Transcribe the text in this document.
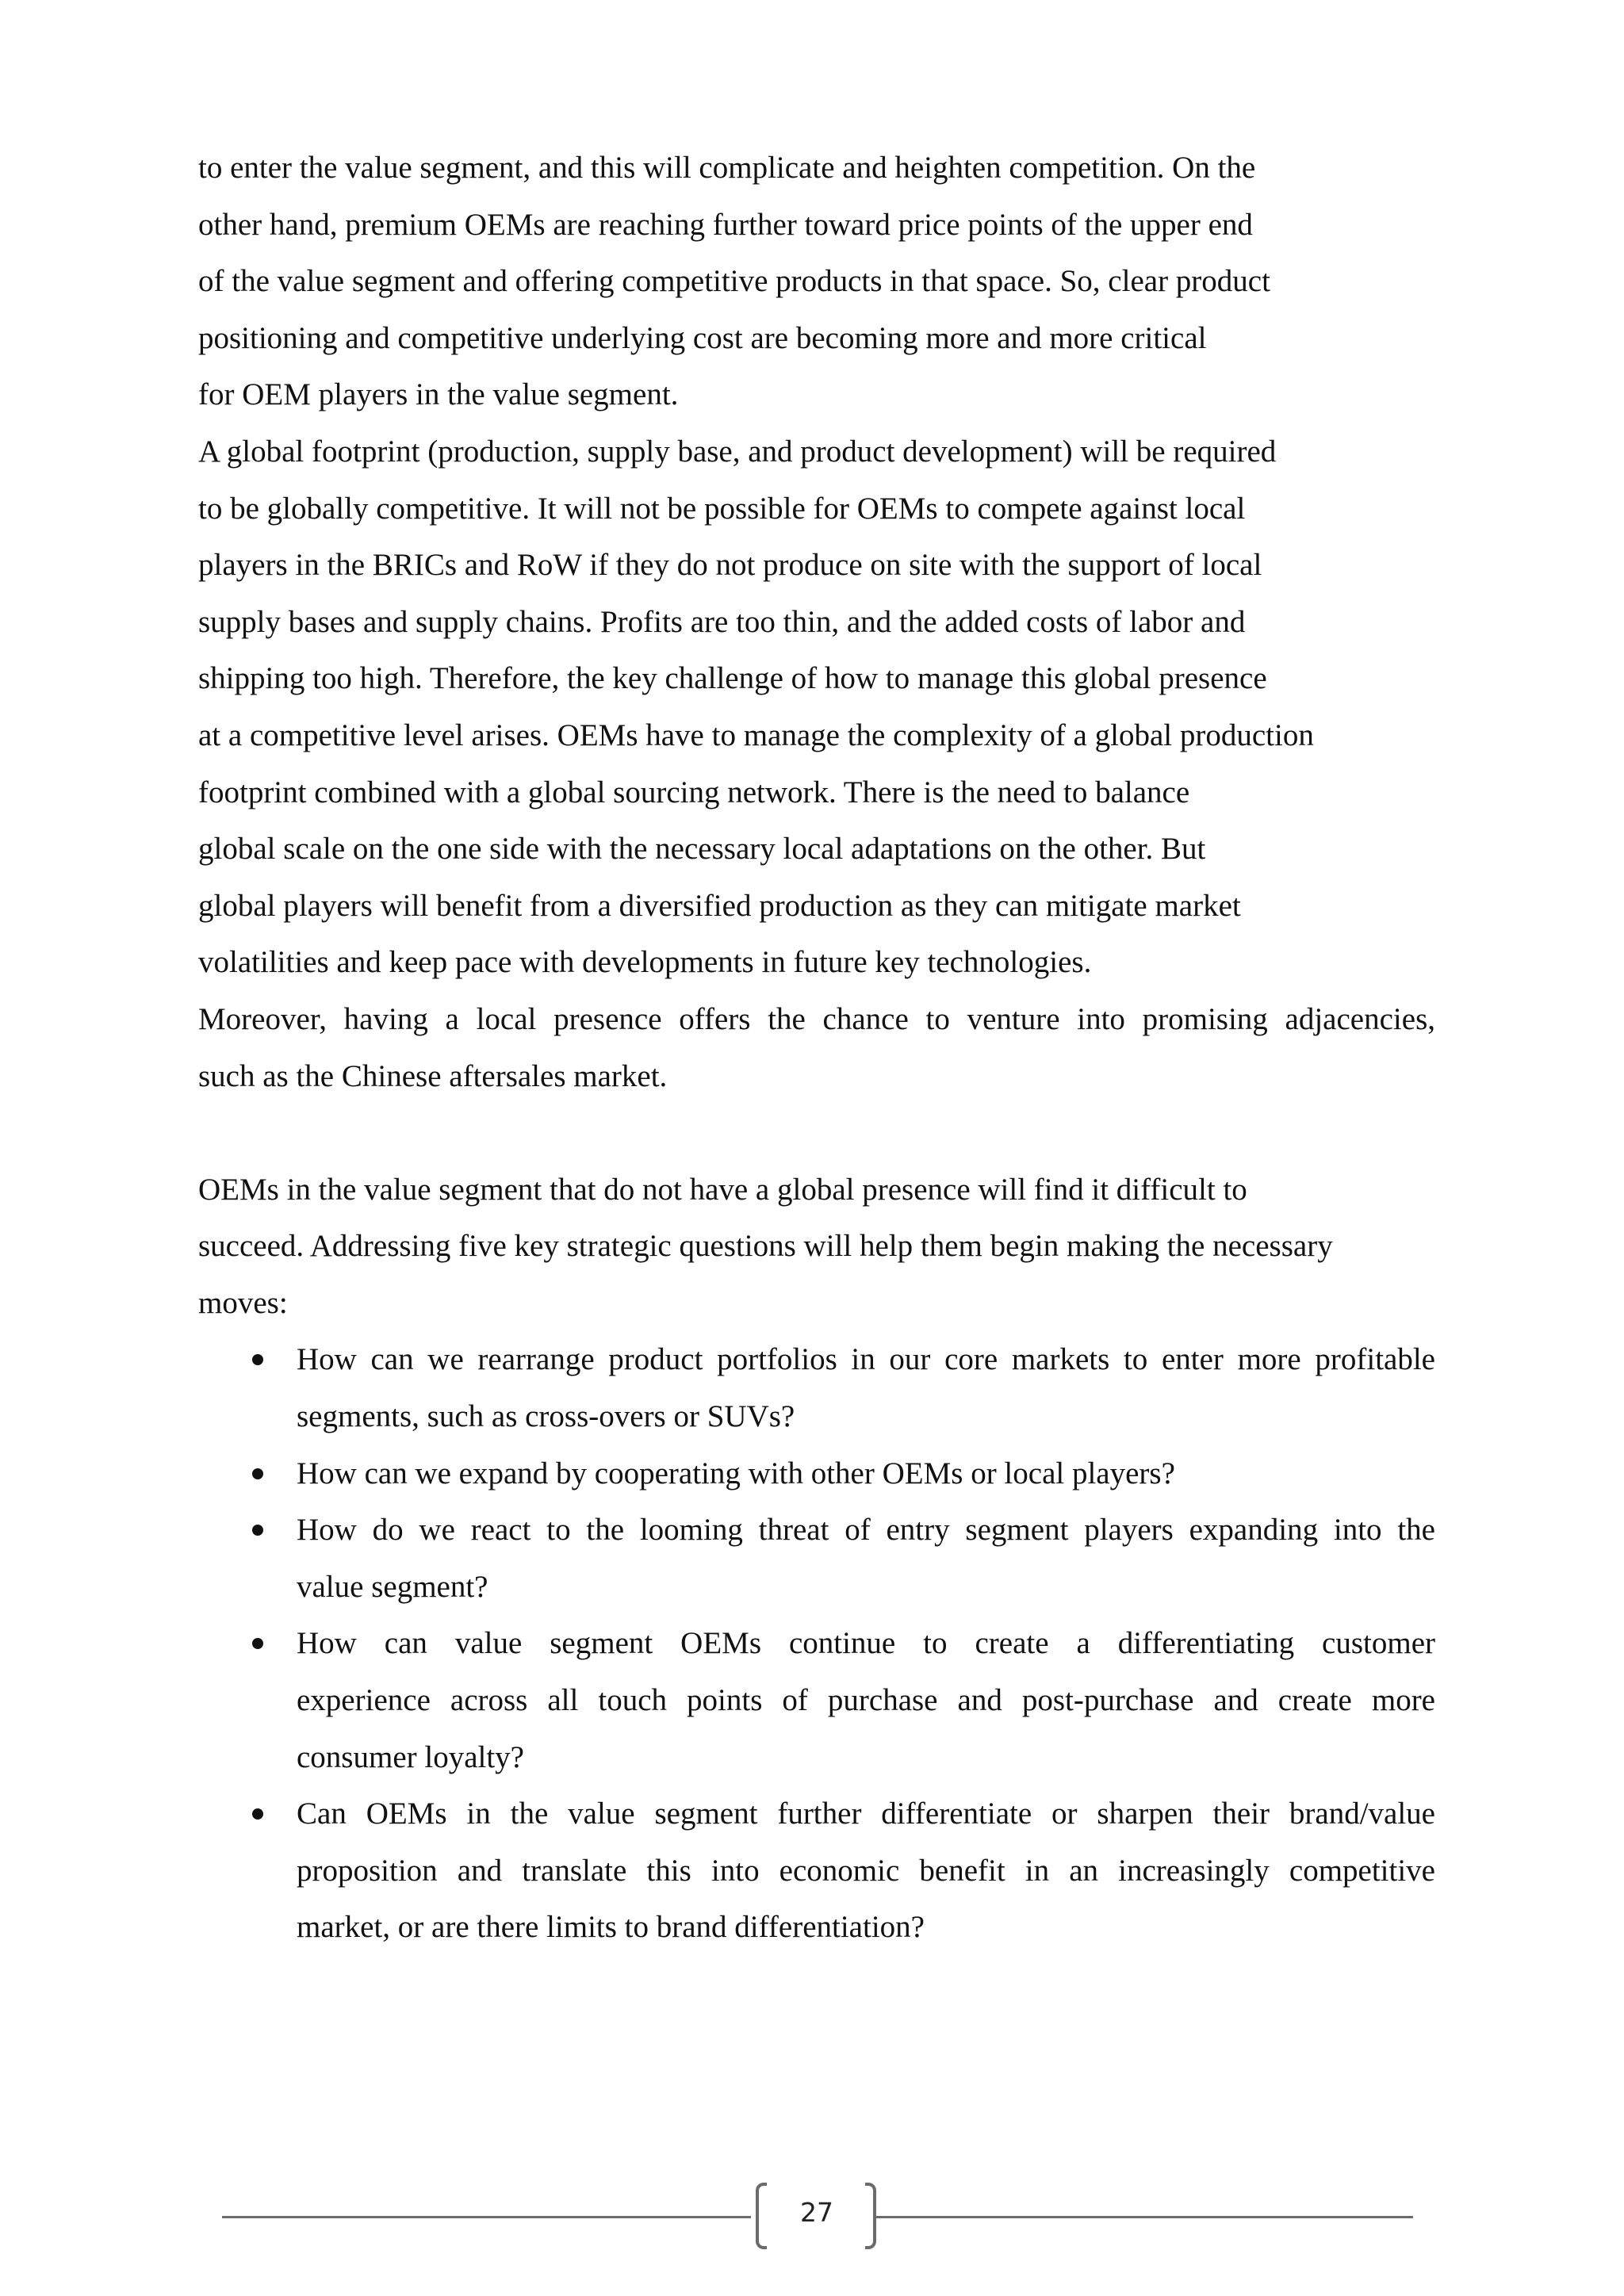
to enter the value segment, and this will complicate and heighten competition. On the
other hand, premium OEMs are reaching further toward price points of the upper end
of the value segment and offering competitive products in that space. So, clear product
positioning and competitive underlying cost are becoming more and more critical
for OEM players in the value segment.

A global footprint (production, supply base, and product development) will be required
to be globally competitive. It will not be possible for OEMs to compete against local
players in the BRICs and RoW if they do not produce on site with the support of local
supply bases and supply chains. Profits are too thin, and the added costs of labor and
shipping too high. Therefore, the key challenge of how to manage this global presence
at a competitive level arises. OEMs have to manage the complexity of a global production
footprint combined with a global sourcing network. There is the need to balance
global scale on the one side with the necessary local adaptations on the other. But
global players will benefit from a diversified production as they can mitigate market
volatilities and keep pace with developments in future key technologies.

Moreover, having a local presence offers the chance to venture into promising adjacencies,
such as the Chinese aftersales market.

OEMs in the value segment that do not have a global presence will find it difficult to
succeed. Addressing five key strategic questions will help them begin making the necessary
moves:

How can we rearrange product portfolios in our core markets to enter more profitable
segments, such as cross-overs or SUVs?
How can we expand by cooperating with other OEMs or local players?
How do we react to the looming threat of entry segment players expanding into the
value segment?
How can value segment OEMs continue to create a differentiating customer
experience across all touch points of purchase and post-purchase and create more
consumer loyalty?
Can OEMs in the value segment further differentiate or sharpen their brand/value
proposition and translate this into economic benefit in an increasingly competitive
market, or are there limits to brand differentiation?
27
